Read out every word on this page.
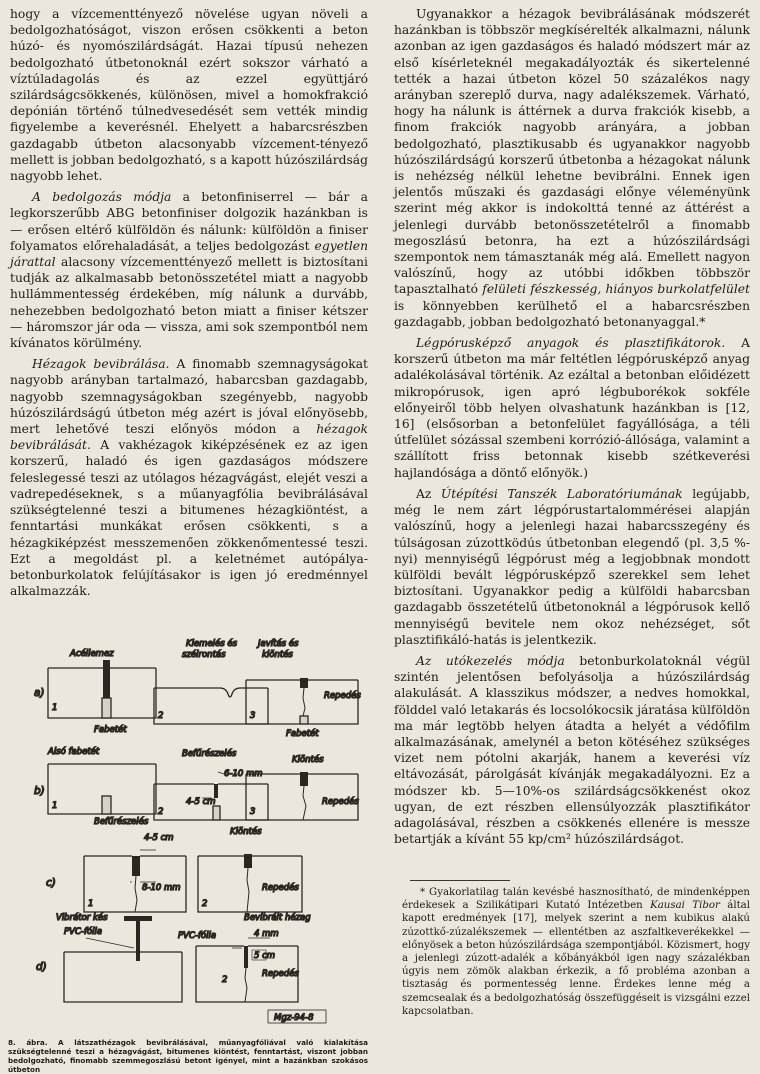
hogy a vízcementtényező növelése ugyan növeli a bedolgozhatóságot, viszon erősen csökkenti a beton húzó- és nyomószilárdságát. Hazai típusú nehezen bedolgozható útbetonoknál ezért sokszor várható a víztúladagolás és az ezzel együttjáró szilárdságcsökkenés, különösen, mivel a homokfrakció depónián történő túlnedvesedését sem vették mindig figyelembe a keverésnél. Ehelyett a habarcsrészben gazdagabb útbeton alacsonyabb vízcement-tényező mellett is jobban bedolgozható, s a kapott húzószilárdság nagyobb lehet.

A bedolgozás módja a betonfiniserrel — bár a legkorszerűbb ABG betonfiniser dolgozik hazánkban is — erősen eltérő külföldön és nálunk: külföldön a finiser folyamatos előrehaladását, a teljes bedolgozást egyetlen járattal alacsony vízcementtényező mellett is biztosítani tudják az alkalmasabb betonösszetétel miatt a nagyobb hullámmentesség érdekében, míg nálunk a durvább, nehezebben bedolgozható beton miatt a finiser kétszer — háromszor jár oda — vissza, ami sok szempontból nem kívánatos körülmény.

Hézagok bevibrálása. A finomabb szemnagyságokat nagyobb arányban tartalmazó, habarcsban gazdagabb, nagyobb szemnagyságokban szegényebb, nagyobb húzószilárdságú útbeton még azért is jóval előnyösebb, mert lehetővé teszi előnyös módon a hézagok bevibrálását. A vakhézagok kiképzésének ez az igen korszerű, haladó és igen gazdaságos módszere feleslegessé teszi az utólagos hézagvágást, elejét veszi a vadrepedéseknek, s a műanyagfólia bevibrálásával szükségtelenné teszi a bitumenes hézagkiöntést, a fenntartási munkákat erősen csökkenti, s a hézagkiképzést messzemenően zökkenőmentessé teszi. Ezt a megoldást pl. a keletnémet autópálya-betonburkolatok felújításakor is igen jó eredménnyel alkalmazzák.

Ugyanakkor a hézagok bevibrálásának módszerét hazánkban is többször megkísérelték alkalmazni, nálunk azonban az igen gazdaságos és haladó módszert már az első kísérleteknél megakadályozták és sikertelenné tették a hazai útbeton közel 50 százalékos nagy arányban szereplő durva, nagy adalékszemek. Várható, hogy ha nálunk is áttérnek a durva frakciók kisebb, a finom frakciók nagyobb arányára, a jobban bedolgozható, plasztikusabb és ugyanakkor nagyobb húzószilárdságú korszerű útbetonba a hézagokat nálunk is nehézség nélkül lehetne bevibrálni. Ennek igen jelentős műszaki és gazdasági előnye véleményünk szerint még akkor is indokolttá tenné az áttérést a jelenlegi durvább betonösszetételről a finomabb megoszlású betonra, ha ezt a húzószilárdsági szempontok nem támasztanák még alá. Emellett nagyon valószínű, hogy az utóbbi időkben többször tapasztalható felületi fészkesség, hiányos burkolatfelület is könnyebben kerülhető el a habarcsrészben gazdagabb, jobban bedolgozható betonanyaggal.*

Légpórusképző anyagok és plasztifikátorok. A korszerű útbeton ma már feltétlen légpórusképző anyag adalékolásával történik. Az ezáltal a betonban előidézett mikropórusok, igen apró légbuborékok sokféle előnyeiről több helyen olvashatunk hazánkban is [12, 16] (elsősorban a betonfelület fagyállósága, a téli útfelület sózással szembeni korrózió-állósága, valamint a szállított friss betonnak kisebb szétkeverési hajlandósága a döntő előnyök.)

Az Útépítési Tanszék Laboratóriumának legújabb, még le nem zárt légpórustartalommérései alapján valószínű, hogy a jelenlegi hazai habarcsszegény és túlságosan zúzottködús útbetonban elegendő (pl. 3,5 %-nyi) mennyiségű légpórust még a legjobbnak mondott külföldi bevált légpórusképző szerekkel sem lehet biztosítani. Ugyanakkor pedig a külföldi habarcsban gazdagabb összetételű útbetonoknál a légpórusok kellő mennyiségű bevitele nem okoz nehézséget, sőt plasztifikáló-hatás is jelentkezik.

Az utókezelés módja betonburkolatoknál végül szintén jelentősen befolyásolja a húzószilárdság alakulását. A klasszikus módszer, a nedves homokkal, földdel való letakarás és locsolókocsik járatása külföldön ma már legtöbb helyen átadta a helyét a védőfilm alkalmazásának, amelynél a beton kötéséhez szükséges vizet nem pótolni akarják, hanem a keverési víz eltávozását, párolgását kívánják megakadályozni. Ez a módszer kb. 5—10%-os szilárdságcsökkenést okoz ugyan, de ezt részben ellensúlyozzák plasztifikátor adagolásával, részben a csökkenés ellenére is messze betartják a kívánt 55 kp/cm² húzószilárdságot.

a)
Acéllemez
Fabetét
1
Kiemelés és
szélrontás
2
Javítás és
kiöntés
Repedés
Fabetét
3
b)
Alsó fabetét
1
Befűrészelés
6-10 mm
4-5 cm
2
Kiöntés
Repedés
3
c)
Befűrészelés
4-5 cm
8-10 mm
1
Kiöntés
Repedés
2
d)
Vibrátor kés
PVC-fólia
Bevibrált hézag
PVC-fólia	4 mm
5 cm
Repedés
2
Mgz-94-8
8. ábra. A látszathézagok bevibrálásával, műanyagfóliával való kialakítása szükségtelenné teszi a hézagvágást, bitumenes kiöntést, fenntartást, viszont jobban bedolgozható, finomabb szemmegoszlású betont igényel, mint a hazánkban szokásos útbeton
* Gyakorlatilag talán kevésbé hasznosítható, de mindenképpen érdekesek a Szilikátipari Kutató Intézetben Kausai Tibor által kapott eredmények [17], melyek szerint a nem kubikus alakú zúzottkő-zúzalékszemek — ellentétben az aszfaltkeverékekkel — előnyösek a beton húzószilárdsága szempontjából. Közismert, hogy a jelenlegi zúzott-adalék a kőbányákból igen nagy százalékban úgyis nem zömök alakban érkezik, a fő probléma azonban a tisztaság és pormentesség lenne. Érdekes lenne még a szemcsealak és a bedolgozhatóság összefüggéseit is vizsgálni ezzel kapcsolatban.
